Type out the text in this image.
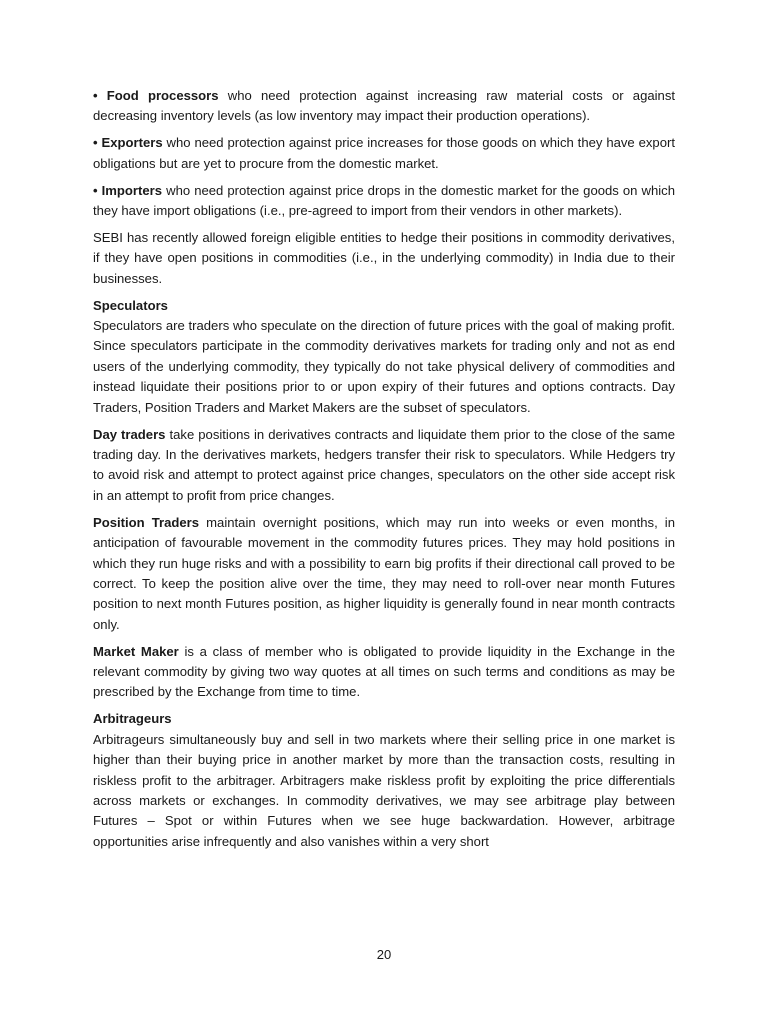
• Food processors who need protection against increasing raw material costs or against decreasing inventory levels (as low inventory may impact their production operations).

• Exporters who need protection against price increases for those goods on which they have export obligations but are yet to procure from the domestic market.

• Importers who need protection against price drops in the domestic market for the goods on which they have import obligations (i.e., pre-agreed to import from their vendors in other markets).

SEBI has recently allowed foreign eligible entities to hedge their positions in commodity derivatives, if they have open positions in commodities (i.e., in the underlying commodity) in India due to their businesses.

Speculators

Speculators are traders who speculate on the direction of future prices with the goal of making profit. Since speculators participate in the commodity derivatives markets for trading only and not as end users of the underlying commodity, they typically do not take physical delivery of commodities and instead liquidate their positions prior to or upon expiry of their futures and options contracts. Day Traders, Position Traders and Market Makers are the subset of speculators.

Day traders take positions in derivatives contracts and liquidate them prior to the close of the same trading day. In the derivatives markets, hedgers transfer their risk to speculators. While Hedgers try to avoid risk and attempt to protect against price changes, speculators on the other side accept risk in an attempt to profit from price changes.

Position Traders maintain overnight positions, which may run into weeks or even months, in anticipation of favourable movement in the commodity futures prices. They may hold positions in which they run huge risks and with a possibility to earn big profits if their directional call proved to be correct. To keep the position alive over the time, they may need to roll-over near month Futures position to next month Futures position, as higher liquidity is generally found in near month contracts only.

Market Maker is a class of member who is obligated to provide liquidity in the Exchange in the relevant commodity by giving two way quotes at all times on such terms and conditions as may be prescribed by the Exchange from time to time.

Arbitrageurs

Arbitrageurs simultaneously buy and sell in two markets where their selling price in one market is higher than their buying price in another market by more than the transaction costs, resulting in riskless profit to the arbitrager. Arbitragers make riskless profit by exploiting the price differentials across markets or exchanges. In commodity derivatives, we may see arbitrage play between Futures – Spot or within Futures when we see huge backwardation. However, arbitrage opportunities arise infrequently and also vanishes within a very short

20
